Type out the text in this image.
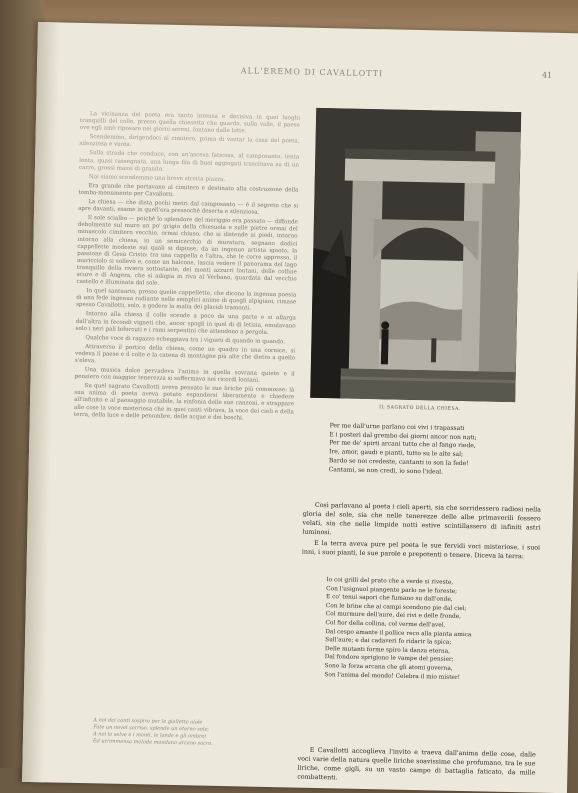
ALL'EREMO DI CAVALLOTTI	41

La vicinanza del poeta era tanto intensa e decisiva in quei luoghi tranquilli del colle, presso quella chiesetta che guarda, sulla valle, il paese ove egli amò riposare nei giorni sereni, lontano dalle lotte.

Scendemmo, dirigendoci al cimitero, prima di visitar la casa del poeta, silenziosa e vuota.

Sulla strada che conduce, con un'ascesa faticosa, al camposanto, lenta lenta, quasi rassegnata, una lunga fila di buoi aggiogati trascinava su di un carro, grossi massi di granito.

Noi siamo scendemmo una breve stretta piazza.

Era grande che portavano al cimitero e destinato alla costruzione della tomba-monumento per Cavallotti.

La chiesa — che dista pochi metri dal camposanto — è il segreto che si apre davanti, esame in quell'ora pressochè deserta e silenziosa.

Il sole scialbo — poichè lo splendore del meriggio era passato — diffonde debolmente sul muro un po' grigio della chiesuola e sulle pietre ormai del minuscolo cimitero vecchio, ormai chiuso, che si distende ai piedi, intorno intorno alla chiesa, in un semicerchio di muratura, segnano dodici cappellette modeste sui quali si dipinse, da un ingenuo artista ignoto, la passione di Gesù Cristo: tra una cappella e l'altra, che le corre appresso, il muricciolo si sollevò e, come un balcone, lascia vedere il panorama del lago tranquillo della riviera sottostante, dei monti azzurri lontani, delle colline scure e di Angera, che si adagia in riva al Verbano, guardata dal vecchio castello e illuminata dal sole.

In quel santuario, presso quelle cappellette, che dicono la ingenua poesia di una fede ingenua radiante nelle semplici anime di quegli alpigiani, rimase spesso Cavallotti, solo, a godere la malia dei placidi tramonti.

Intorno alla chiesa il colle scende a poco da una parte e si allarga dall'altra in fecondi vigneti che, ancor spogli in quel di di letizia, emulavano solo i neri pali biforcuti e i rami serpentini che attendono a pergola.

Qualche voce di ragazzo echeggiava tra i vigneti di quando in quando.

Attraverso il portico della chiesa, come un quadro in una cornice, si vedeva il paese e il colle e la catena di montagne più alte che dietro a quello s'eleva.

Una musica dolce pervadeva l'anima in quella sovrana quiete e il pensiero con maggior tenerezza si soffermava nei ricordi lontani.

Su quel sagrato Cavallotti aveva pensato le sue liriche più commosse: là sua anima di poeta aveva potuto espandersi liberamente e chiedere all'infinito e al paesaggio mutabile, la sinfonia delle sue canzoni, e strappare alle cose la voce misteriosa che in quei canti vibrava, la voce dei cieli e della terra, della luce e delle penombre, delle acque e dei boschi.

A noi dei canti sospiro per le giallette aiole
Fate un novel sorriso, splende un eterno sole;
A noi le selve e i monti, le lande e gli ombrei
Ed un'immensa melode mandano arcano sacro.
IL SAGRATO DELLA CHIESA.
Per me dall'urne parlano coi vivi i trapassati
E i posteri dal grembo dei giorni ancor non nati;
Per me de' spirti arcani tutto che al fango riede,
Ire, amor, gaudi e pianti, tutto su le alte sal;
Bardo se noi credeste, cantanti io son la fede!
Cantami, se non credi, io sono l'ideal.

Così parlavano al poeta i cieli aperti, sia che sorridessero radiosi nella gloria del sole, sia che nelle tenerezze delle albe primaverili fossero velati, sia che nelle limpide notti estive scintillassero di infiniti astri luminosi.

E la terra aveva pure pel poeta le sue fervidi voci misteriose, i suoi inni, i suoi pianti, le sue parole e prepotenti o tenere. Diceva la terra:

Io coi grilli del prato che a verde si riveste,
Con l'usignuol piangente parlo ne le foreste;
E co' tenui sapori che fumano su dall'onde,
Con le brine che ai campi scendono pie dal ciel;
Col murmure dell'aure, dei rivi e delle fronde,
Col fior della collina, col verme dell'avel.
Dal cespo amante il pollice reco alla pianta amica
Sull'aure; e dai cadaveri fo ridarir la spica;
Delle mutanti forme spiro la danza eterna,
Dal fondore sprigiono le vampe del pensier;
Sono la forza arcana che gli atomi governa,
Son l'anima del mondo! Celebra il mio mister!

E Cavallotti accoglieva l'invito e traeva dall'anima delle cose, dalle voci varie della natura quelle liriche soavissime che profumano, tra le sue liriche, come gigli, su un vasto campo di battaglia faticato, da mille combattenti.
